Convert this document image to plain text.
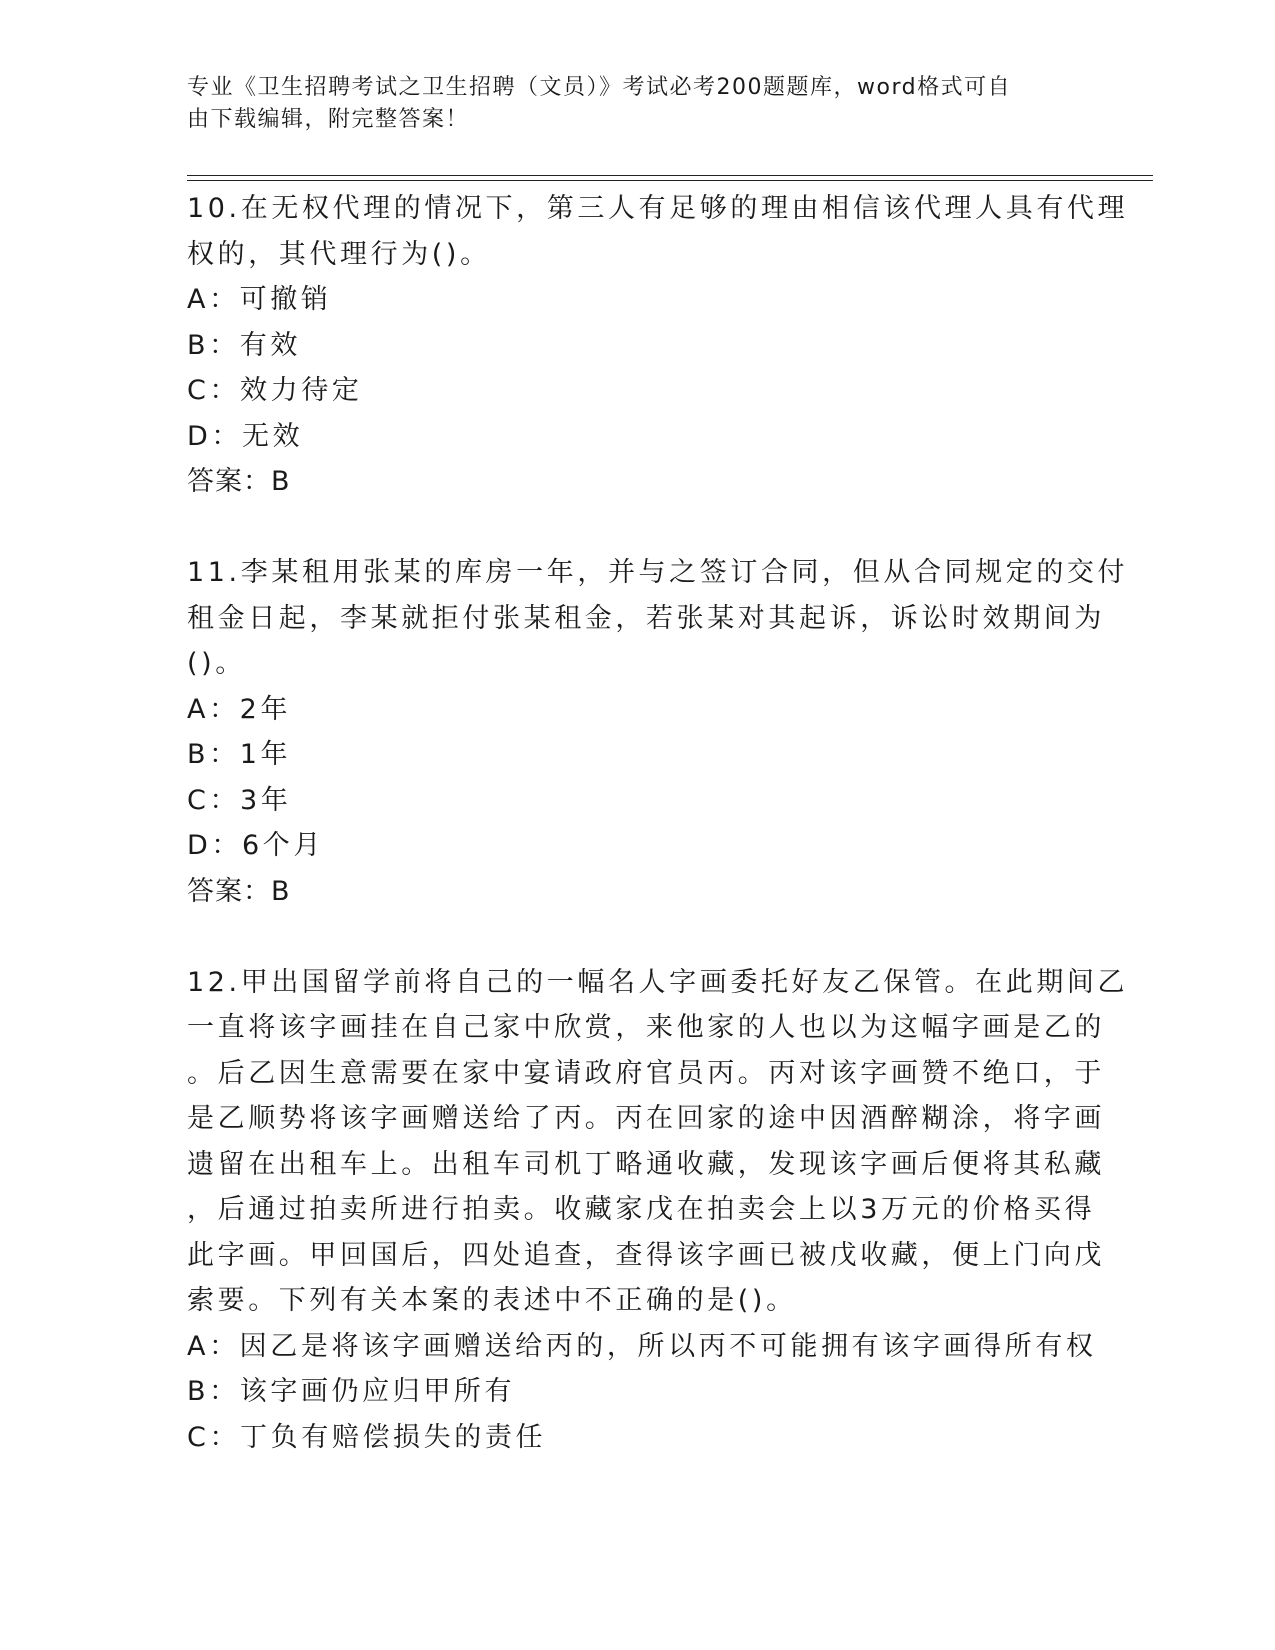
专业《卫生招聘考试之卫生招聘（文员）》考试必考200题题库，word格式可自
由下载编辑，附完整答案！
10.在无权代理的情况下，第三人有足够的理由相信该代理人具有代理
权的，其代理行为()。
A：可撤销
B：有效
C：效力待定
D：无效
答案：B
11.李某租用张某的库房一年，并与之签订合同，但从合同规定的交付
租金日起，李某就拒付张某租金，若张某对其起诉，诉讼时效期间为
()。
A：2年
B：1年
C：3年
D：6个月
答案：B
12.甲出国留学前将自己的一幅名人字画委托好友乙保管。在此期间乙
一直将该字画挂在自己家中欣赏，来他家的人也以为这幅字画是乙的
。后乙因生意需要在家中宴请政府官员丙。丙对该字画赞不绝口，于
是乙顺势将该字画赠送给了丙。丙在回家的途中因酒醉糊涂，将字画
遗留在出租车上。出租车司机丁略通收藏，发现该字画后便将其私藏
，后通过拍卖所进行拍卖。收藏家戊在拍卖会上以3万元的价格买得
此字画。甲回国后，四处追查，查得该字画已被戊收藏，便上门向戊
索要。下列有关本案的表述中不正确的是()。
A：因乙是将该字画赠送给丙的，所以丙不可能拥有该字画得所有权
B：该字画仍应归甲所有
C：丁负有赔偿损失的责任
